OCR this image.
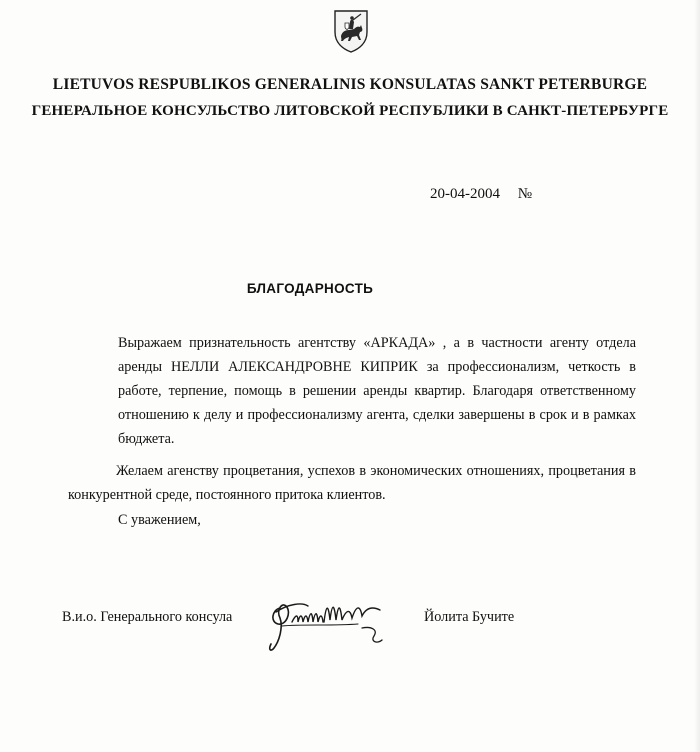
LIETUVOS RESPUBLIKOS GENERALINIS KONSULATAS SANKT PETERBURGE
ГЕНЕРАЛЬНОЕ КОНСУЛЬСТВО ЛИТОВСКОЙ РЕСПУБЛИКИ В САНКТ-ПЕТЕРБУРГЕ
20-04-2004 №
БЛАГОДАРНОСТЬ
Выражаем признательность агентству «АРКАДА» , а в частности агенту отдела аренды НЕЛЛИ АЛЕКСАНДРОВНЕ КИПРИК за профессионализм, четкость в работе, терпение, помощь в решении аренды квартир. Благодаря ответственному отношению к делу и профессионализму агента, сделки завершены в срок и в рамках бюджета.
Желаем агенству процветания, успехов в экономических отношениях, процветания в конкурентной среде, постоянного притока клиентов.
С уважением,
В.и.о. Генерального консула	Йолита Бучите
